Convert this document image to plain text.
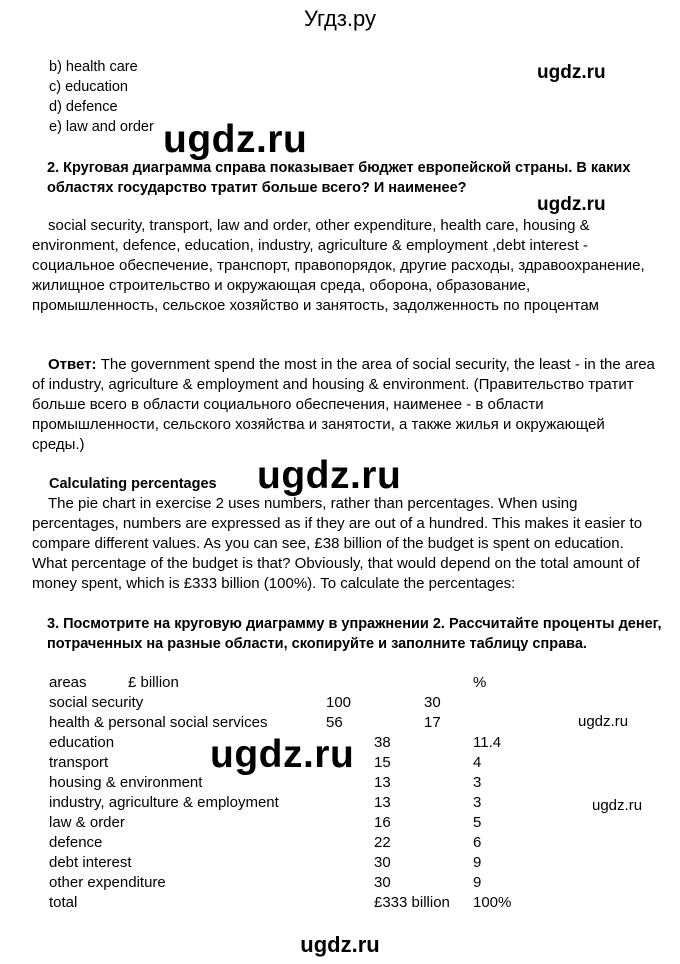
Угдз.ру
b) health care
c) education
d) defence
e) law and order
ugdz.ru
ugdz.ru
ugdz.ru
ugdz.ru
ugdz.ru
ugdz.ru
ugdz.ru
2. Круговая диаграмма справа показывает бюджет европейской страны. В каких областях государство тратит больше всего? И наименее?
social security, transport, law and order, other expenditure, health care, housing & environment, defence, education, industry, agriculture & employment ,debt interest - социальное обеспечение, транспорт, правопорядок, другие расходы, здравоохранение, жилищное строительство и окружающая среда, оборона, образование, промышленность, сельское хозяйство и занятость, задолженность по процентам
Ответ: The government spend the most in the area of social security, the least - in the area of industry, agriculture & employment and housing & environment. (Правительство тратит больше всего в области социального обеспечения, наименее - в области промышленности, сельского хозяйства и занятости, а также жилья и окружающей среды.)
Calculating percentages
The pie chart in exercise 2 uses numbers, rather than percentages. When using percentages, numbers are expressed as if they are out of a hundred. This makes it easier to compare different values. As you can see, £38 billion of the budget is spent on education. What percentage of the budget is that? Obviously, that would depend on the total amount of money spent, which is £333 billion (100%). To calculate the percentages:
3. Посмотрите на круговую диаграмму в упражнении 2. Рассчитайте проценты денег, потраченных на разные области, скопируйте и заполните таблицу справа.
areas	£ billion	%
social security	100	30
health & personal social services	56	17
education	38	11.4
transport	15	4
housing & environment	13	3
industry, agriculture & employment	13	3
law & order	16	5
defence	22	6
debt interest	30	9
other expenditure	30	9
total	£333 billion 100%
ugdz.ru
